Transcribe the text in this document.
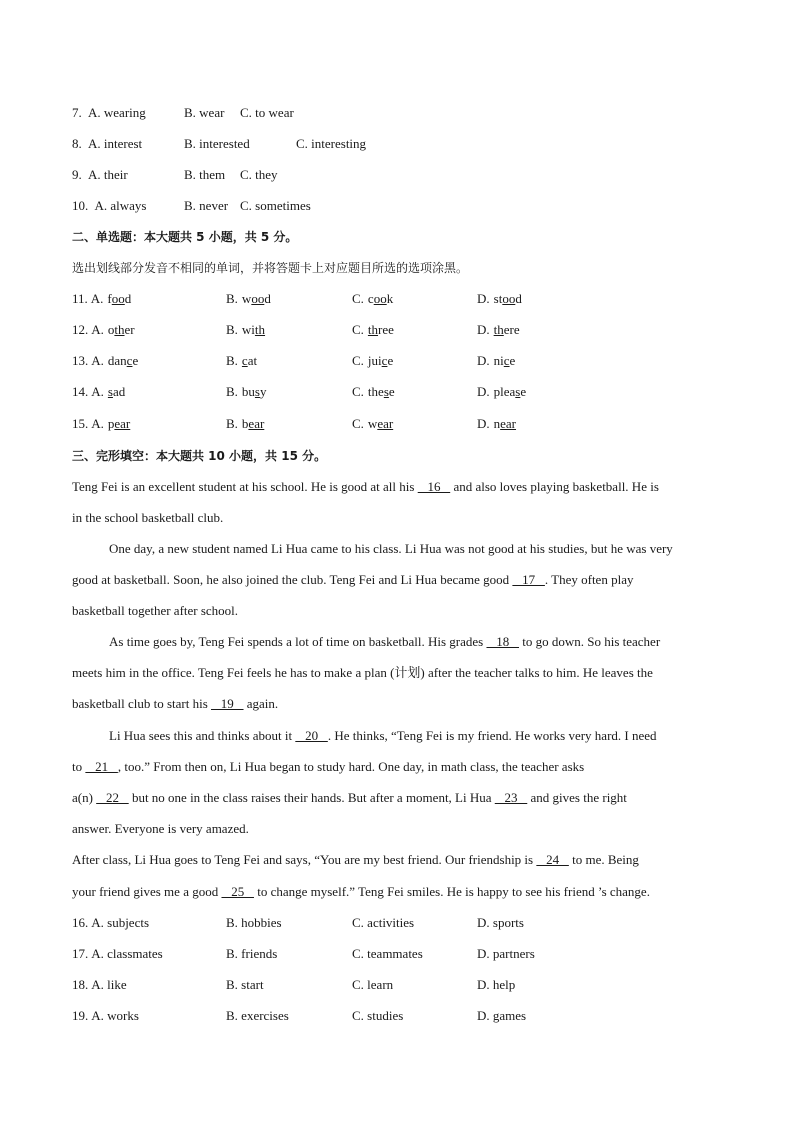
7. A. wearing	B. wear C. to wear
8. A. interest	B. interested	C. interesting
9. A. their	B. them C. they
10. A. always	B. never C. sometimes
二、单选题：本大题共 5 小题，共 5 分。
选出划线部分发音不相同的单词，并将答题卡上对应题目所选的选项涂黑。
11. A. food	B. wood	C. cook	D. stood
12. A. other	B. with	C. three	D. there
13. A. dance	B. cat	C. juice	D. nice
14. A. sad	B. busy	C. these	D. please
15. A. pear	B. bear	C. wear	D. near
三、完形填空：本大题共 10 小题，共 15 分。
Teng Fei is an excellent student at his school. He is good at all his    16    and also loves playing basketball. He is
in the school basketball club.
One day, a new student named Li Hua came to his class. Li Hua was not good at his studies, but he was very
good at basketball. Soon, he also joined the club. Teng Fei and Li Hua became good    17   . They often play
basketball together after school.
As time goes by, Teng Fei spends a lot of time on basketball. His grades    18    to go down. So his teacher
meets him in the office. Teng Fei feels he has to make a plan (计划) after the teacher talks to him. He leaves the
basketball club to start his    19    again.
Li Hua sees this and thinks about it    20   . He thinks, “Teng Fei is my friend. He works very hard. I need
to    21   , too.” From then on, Li Hua began to study hard. One day, in math class, the teacher asks
a(n)    22    but no one in the class raises their hands. But after a moment, Li Hua    23    and gives the right
answer. Everyone is very amazed.
After class, Li Hua goes to Teng Fei and says, “You are my best friend. Our friendship is    24    to me. Being
your friend gives me a good    25    to change myself.” Teng Fei smiles. He is happy to see his friend ’s change.
16. A. subjects	B. hobbies	C. activities	D. sports
17. A. classmates	B. friends	C. teammates	D. partners
18. A. like	B. start	C. learn	D. help
19. A. works	B. exercises	C. studies	D. games
